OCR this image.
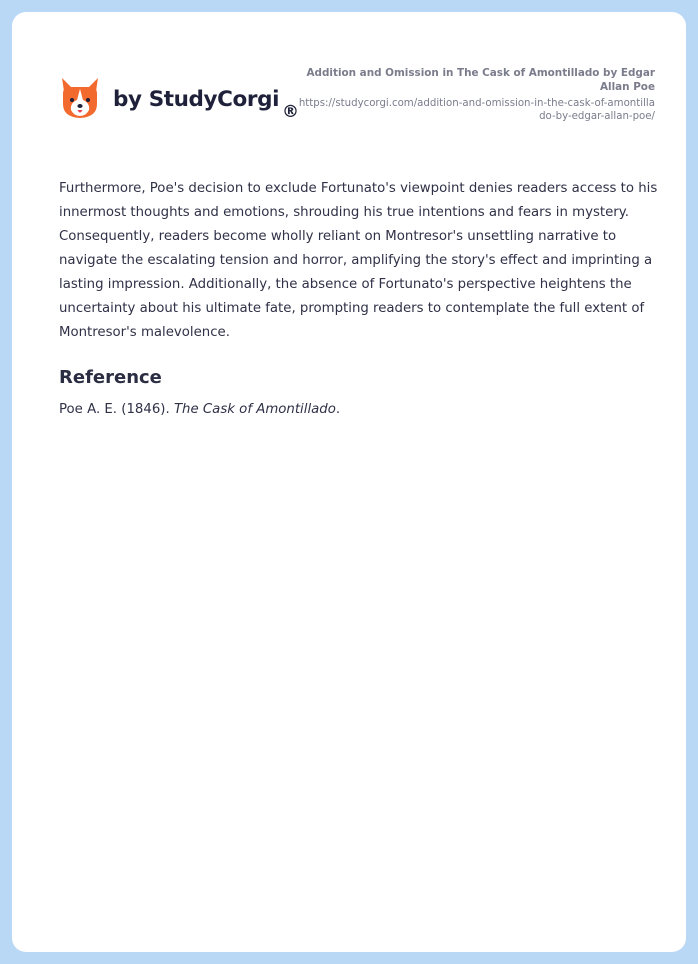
by StudyCorgi
®
Addition and Omission in The Cask of Amontillado by Edgar Allan Poe
https://studycorgi.com/addition-and-omission-in-the-cask-of-amontillado-by-edgar-allan-poe/

Furthermore, Poe's decision to exclude Fortunato's viewpoint denies readers access to his innermost thoughts and emotions, shrouding his true intentions and fears in mystery. Consequently, readers become wholly reliant on Montresor's unsettling narrative to navigate the escalating tension and horror, amplifying the story's effect and imprinting a lasting impression. Additionally, the absence of Fortunato's perspective heightens the uncertainty about his ultimate fate, prompting readers to contemplate the full extent of Montresor's malevolence.

Reference

Poe A. E. (1846). The Cask of Amontillado.
